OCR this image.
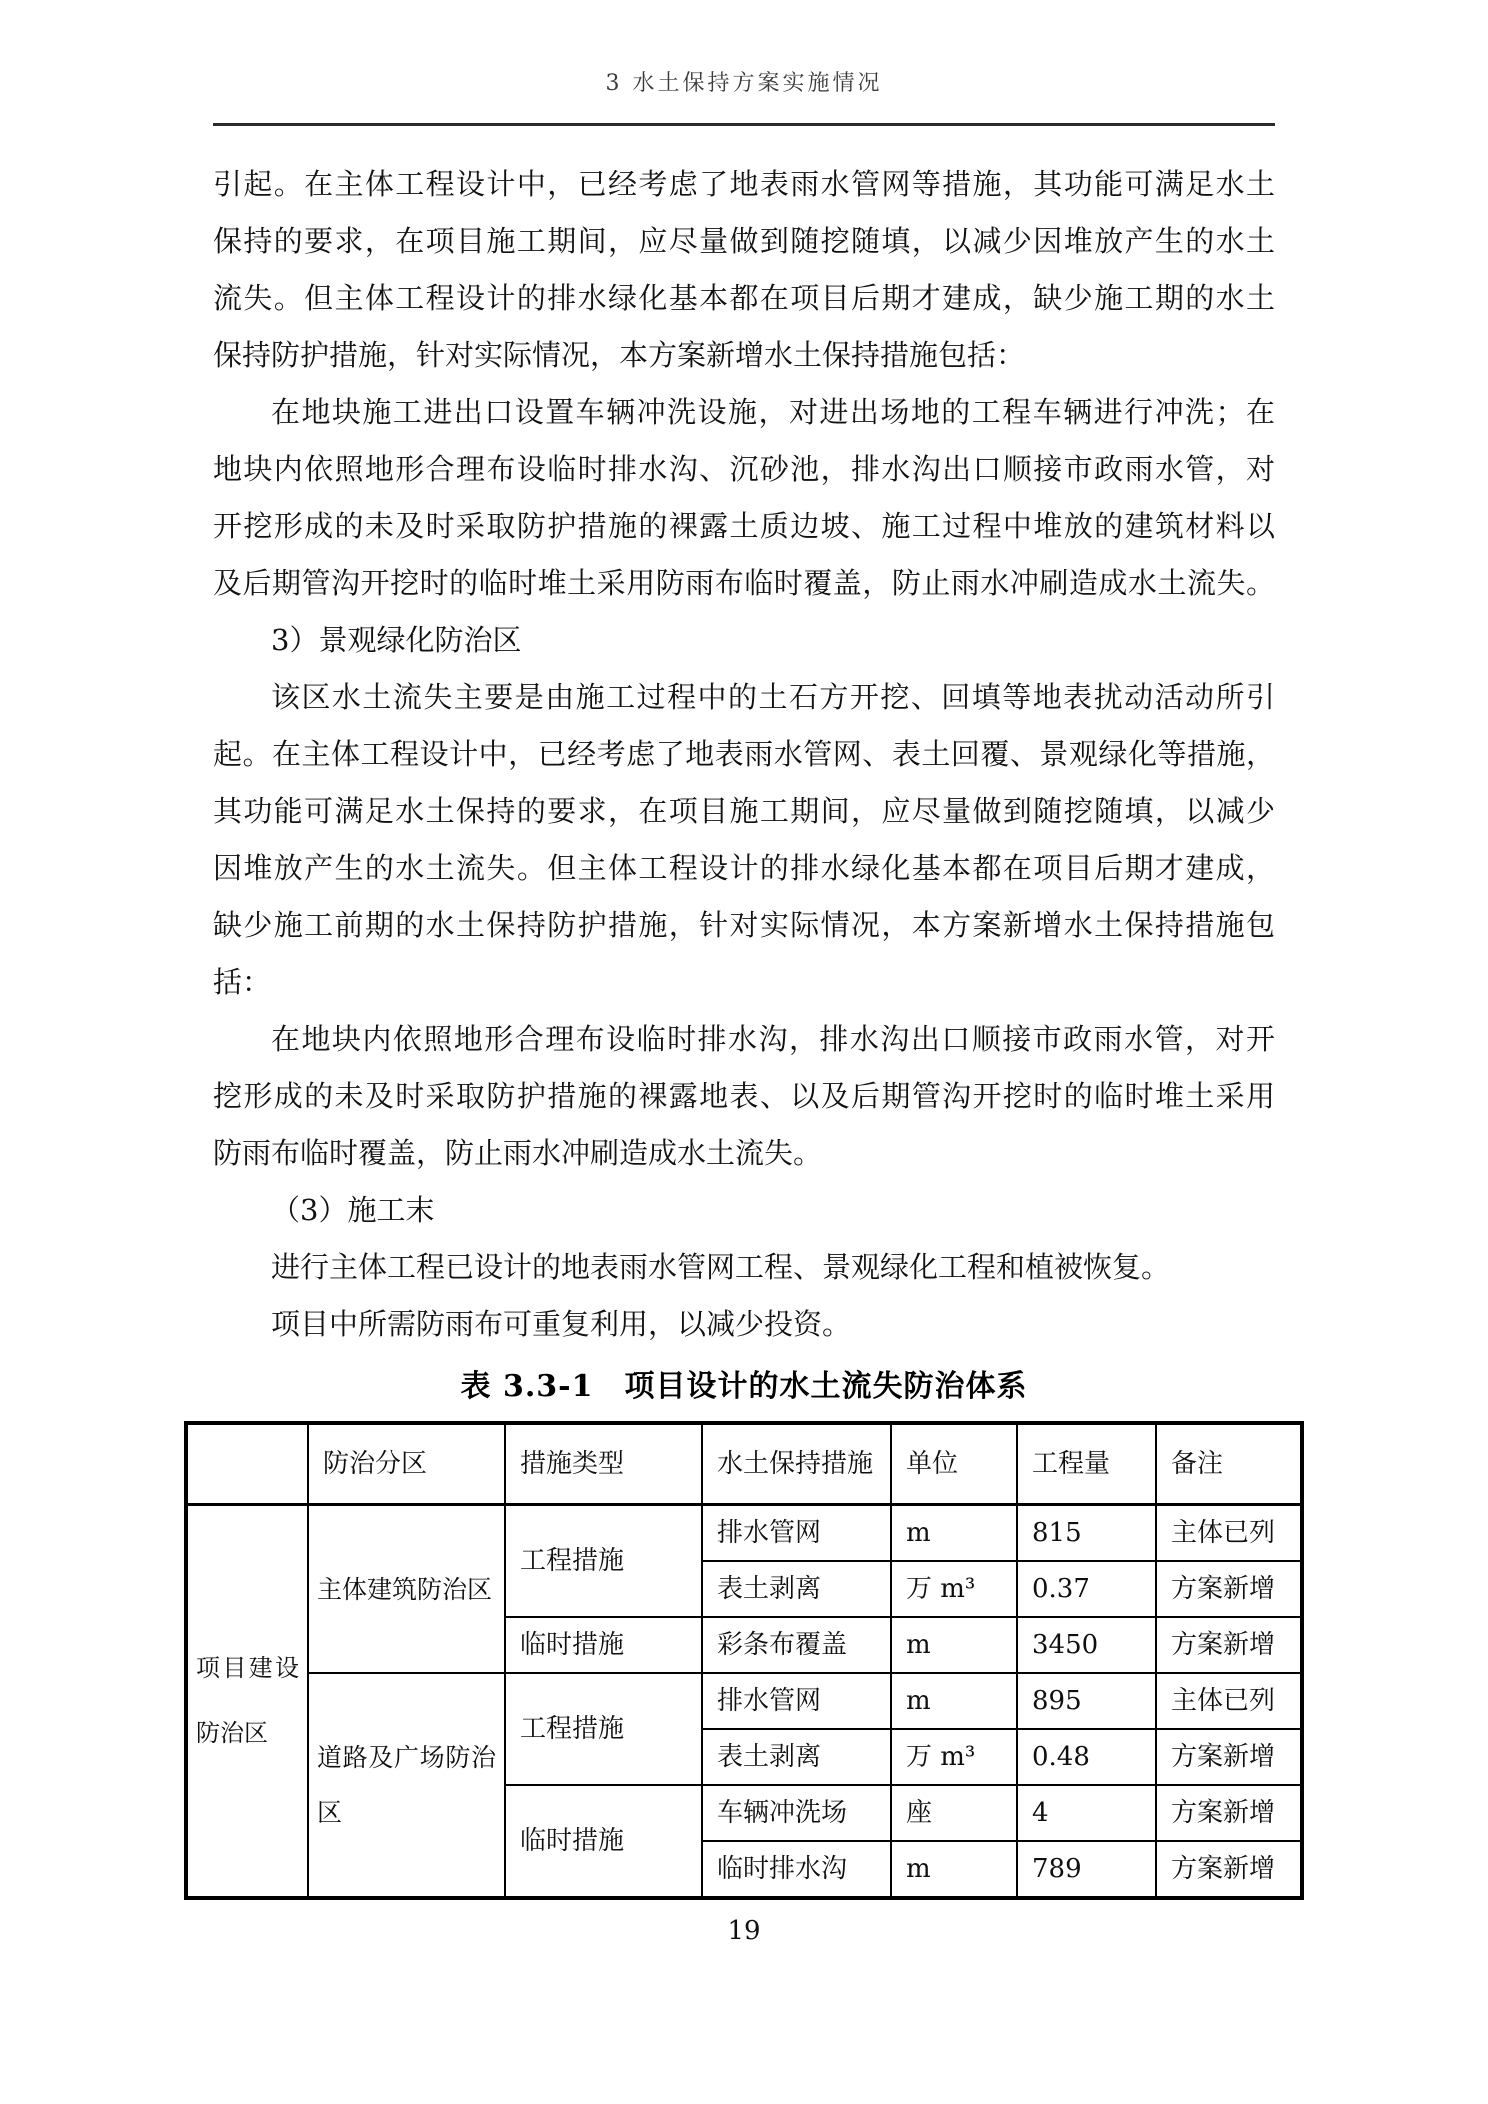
3 水土保持方案实施情况
引起。在主体工程设计中，已经考虑了地表雨水管网等措施，其功能可满足水土
保持的要求，在项目施工期间，应尽量做到随挖随填，以减少因堆放产生的水土
流失。但主体工程设计的排水绿化基本都在项目后期才建成，缺少施工期的水土
保持防护措施，针对实际情况，本方案新增水土保持措施包括：
在地块施工进出口设置车辆冲洗设施，对进出场地的工程车辆进行冲洗；在
地块内依照地形合理布设临时排水沟、沉砂池，排水沟出口顺接市政雨水管，对
开挖形成的未及时采取防护措施的裸露土质边坡、施工过程中堆放的建筑材料以
及后期管沟开挖时的临时堆土采用防雨布临时覆盖，防止雨水冲刷造成水土流失。
3）景观绿化防治区
该区水土流失主要是由施工过程中的土石方开挖、回填等地表扰动活动所引
起。在主体工程设计中，已经考虑了地表雨水管网、表土回覆、景观绿化等措施，
其功能可满足水土保持的要求，在项目施工期间，应尽量做到随挖随填，以减少
因堆放产生的水土流失。但主体工程设计的排水绿化基本都在项目后期才建成，
缺少施工前期的水土保持防护措施，针对实际情况，本方案新增水土保持措施包
括：
在地块内依照地形合理布设临时排水沟，排水沟出口顺接市政雨水管，对开
挖形成的未及时采取防护措施的裸露地表、以及后期管沟开挖时的临时堆土采用
防雨布临时覆盖，防止雨水冲刷造成水土流失。
（3）施工末
进行主体工程已设计的地表雨水管网工程、景观绿化工程和植被恢复。
项目中所需防雨布可重复利用，以减少投资。
表 3.3-1　项目设计的水土流失防治体系
	防治分区	措施类型	水土保持措施	单位	工程量	备注
项目建设防治区	主体建筑防治区	工程措施	排水管网	m	815	主体已列
			表土剥离	万 m³	0.37	方案新增
		临时措施	彩条布覆盖	m	3450	方案新增
	道路及广场防治区	工程措施	排水管网	m	895	主体已列
			表土剥离	万 m³	0.48	方案新增
		临时措施	车辆冲洗场	座	4	方案新增
			临时排水沟	m	789	方案新增
19
